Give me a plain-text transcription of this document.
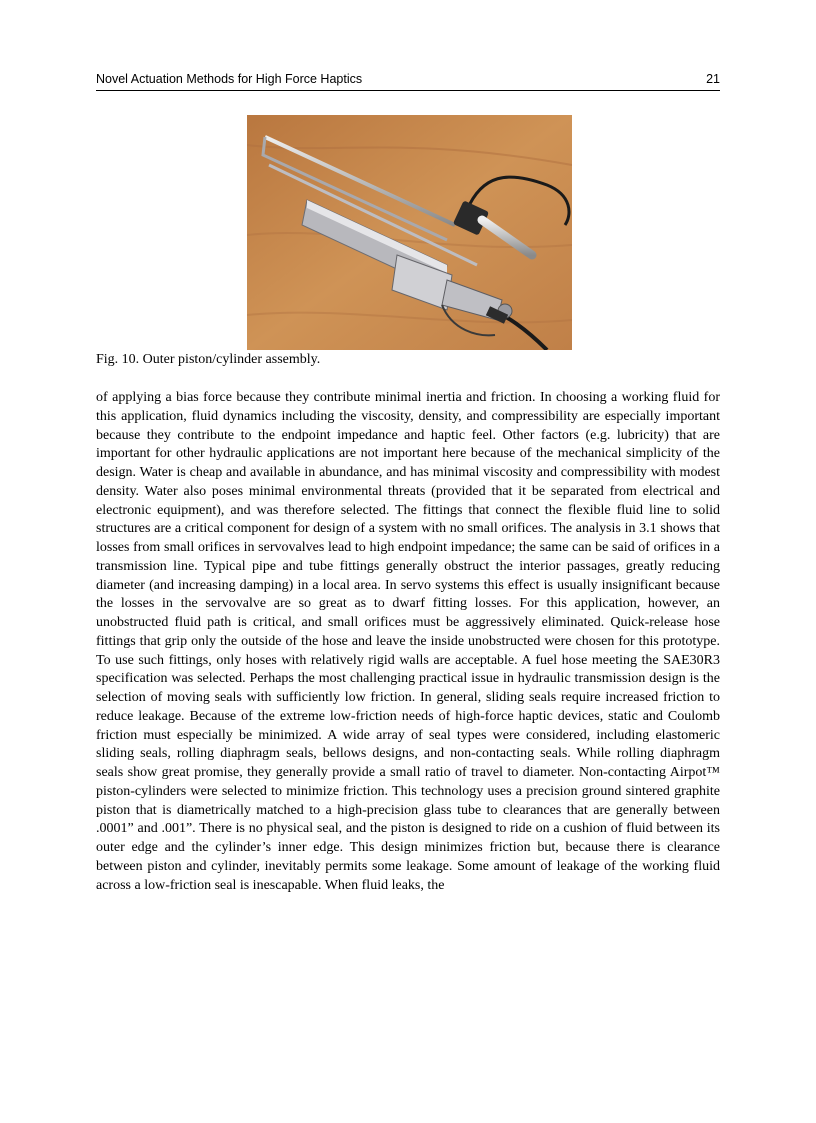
Novel Actuation Methods for High Force Haptics	21
Fig. 10. Outer piston/cylinder assembly.

of applying a bias force because they contribute minimal inertia and friction. In choosing a working fluid for this application, fluid dynamics including the viscosity, density, and compressibility are especially important because they contribute to the endpoint impedance and haptic feel. Other factors (e.g. lubricity) that are important for other hydraulic applications are not important here because of the mechanical simplicity of the design. Water is cheap and available in abundance, and has minimal viscosity and compressibility with modest density. Water also poses minimal environmental threats (provided that it be separated from electrical and electronic equipment), and was therefore selected. The fittings that connect the flexible fluid line to solid structures are a critical component for design of a system with no small orifices. The analysis in 3.1 shows that losses from small orifices in servovalves lead to high endpoint impedance; the same can be said of orifices in a transmission line. Typical pipe and tube fittings generally obstruct the interior passages, greatly reducing diameter (and increasing damping) in a local area. In servo systems this effect is usually insignificant because the losses in the servovalve are so great as to dwarf fitting losses. For this application, however, an unobstructed fluid path is critical, and small orifices must be aggressively eliminated. Quick-release hose fittings that grip only the outside of the hose and leave the inside unobstructed were chosen for this prototype. To use such fittings, only hoses with relatively rigid walls are acceptable. A fuel hose meeting the SAE30R3 specification was selected. Perhaps the most challenging practical issue in hydraulic transmission design is the selection of moving seals with sufficiently low friction. In general, sliding seals require increased friction to reduce leakage. Because of the extreme low-friction needs of high-force haptic devices, static and Coulomb friction must especially be minimized. A wide array of seal types were considered, including elastomeric sliding seals, rolling diaphragm seals, bellows designs, and non-contacting seals. While rolling diaphragm seals show great promise, they generally provide a small ratio of travel to diameter. Non-contacting Airpot™ piston-cylinders were selected to minimize friction. This technology uses a precision ground sintered graphite piston that is diametrically matched to a high-precision glass tube to clearances that are generally between .0001” and .001”. There is no physical seal, and the piston is designed to ride on a cushion of fluid between its outer edge and the cylinder’s inner edge. This design minimizes friction but, because there is clearance between piston and cylinder, inevitably permits some leakage. Some amount of leakage of the working fluid across a low-friction seal is inescapable. When fluid leaks, the
